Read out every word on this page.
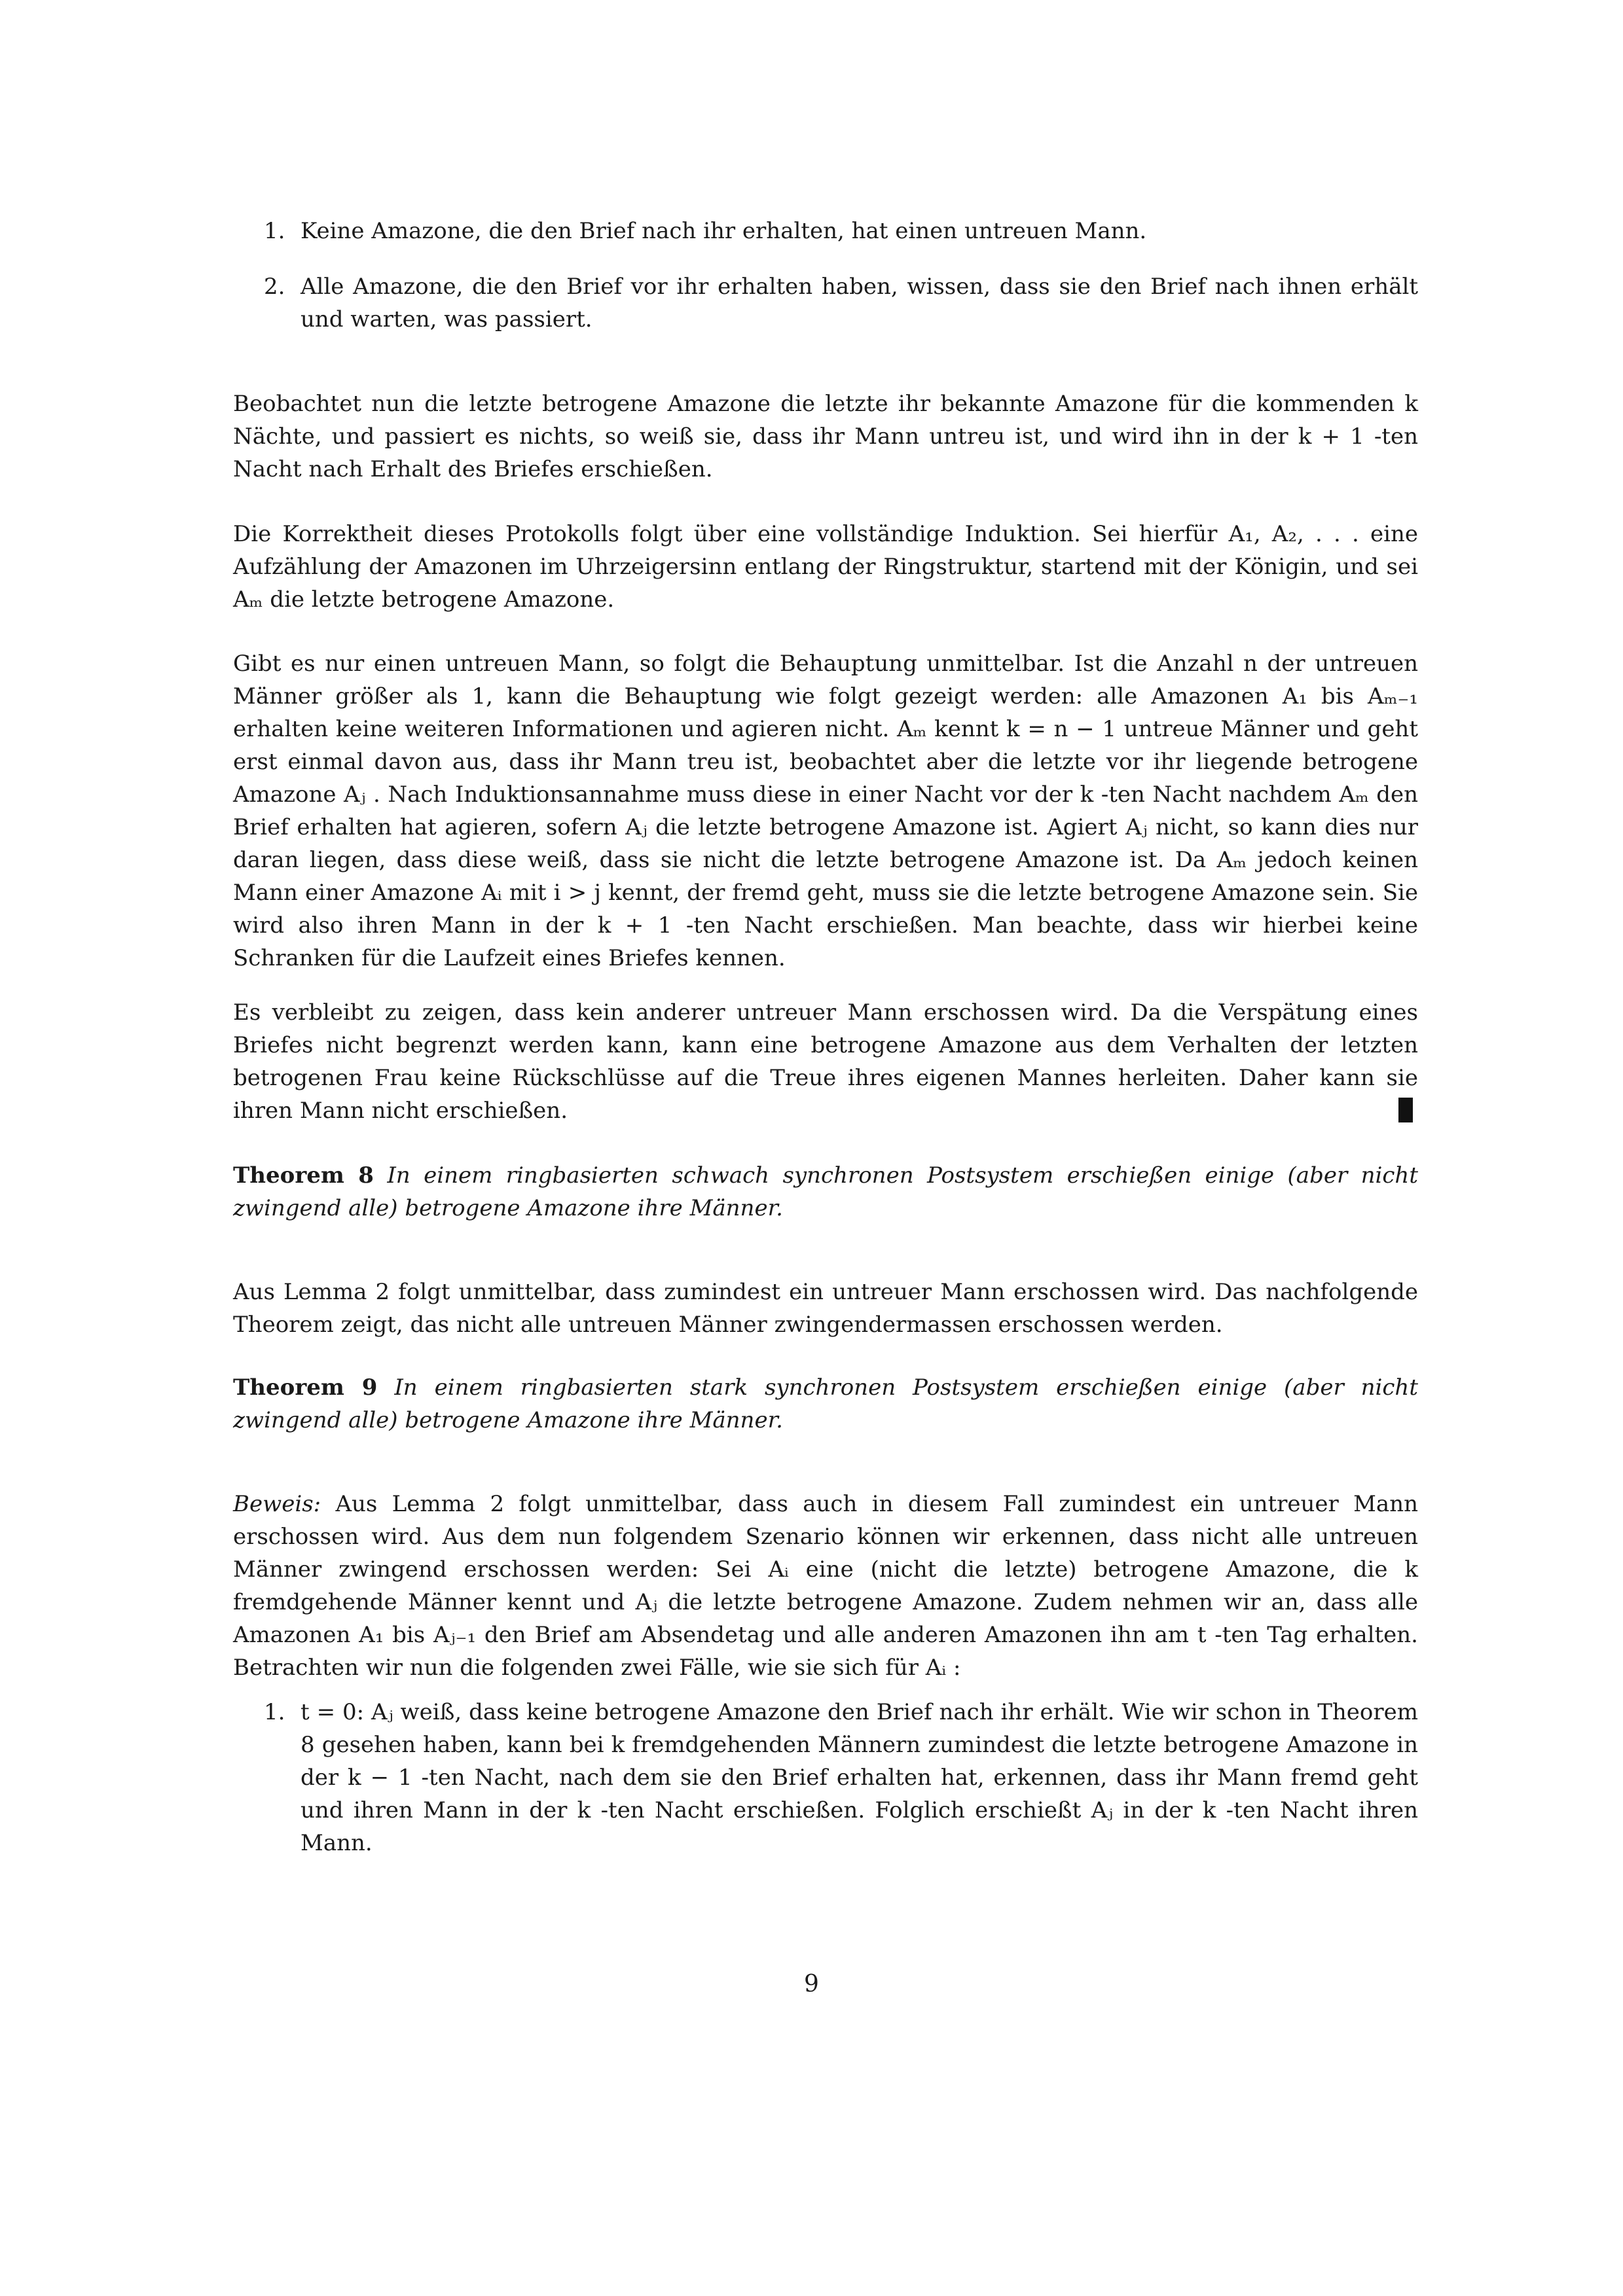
1. Keine Amazone, die den Brief nach ihr erhalten, hat einen untreuen Mann.
2. Alle Amazone, die den Brief vor ihr erhalten haben, wissen, dass sie den Brief nach ihnen erhält und warten, was passiert.
Beobachtet nun die letzte betrogene Amazone die letzte ihr bekannte Amazone für die kommenden k Nächte, und passiert es nichts, so weiß sie, dass ihr Mann untreu ist, und wird ihn in der k + 1 -ten Nacht nach Erhalt des Briefes erschießen.
Die Korrektheit dieses Protokolls folgt über eine vollständige Induktion. Sei hierfür A₁, A₂, . . . eine Aufzählung der Amazonen im Uhrzeigersinn entlang der Ringstruktur, startend mit der Königin, und sei Aₘ die letzte betrogene Amazone.
Gibt es nur einen untreuen Mann, so folgt die Behauptung unmittelbar. Ist die Anzahl n der untreuen Männer größer als 1, kann die Behauptung wie folgt gezeigt werden: alle Amazonen A₁ bis Aₘ₋₁ erhalten keine weiteren Informationen und agieren nicht. Aₘ kennt k = n − 1 untreue Männer und geht erst einmal davon aus, dass ihr Mann treu ist, beobachtet aber die letzte vor ihr liegende betrogene Amazone Aⱼ . Nach Induktionsannahme muss diese in einer Nacht vor der k -ten Nacht nachdem Aₘ den Brief erhalten hat agieren, sofern Aⱼ die letzte betrogene Amazone ist. Agiert Aⱼ nicht, so kann dies nur daran liegen, dass diese weiß, dass sie nicht die letzte betrogene Amazone ist. Da Aₘ jedoch keinen Mann einer Amazone Aᵢ mit i > j kennt, der fremd geht, muss sie die letzte betrogene Amazone sein. Sie wird also ihren Mann in der k + 1 -ten Nacht erschießen. Man beachte, dass wir hierbei keine Schranken für die Laufzeit eines Briefes kennen.
Es verbleibt zu zeigen, dass kein anderer untreuer Mann erschossen wird. Da die Verspätung eines Briefes nicht begrenzt werden kann, kann eine betrogene Amazone aus dem Verhalten der letzten betrogenen Frau keine Rückschlüsse auf die Treue ihres eigenen Mannes herleiten. Daher kann sie ihren Mann nicht erschießen.
Theorem 8 In einem ringbasierten schwach synchronen Postsystem erschießen einige (aber nicht zwingend alle) betrogene Amazone ihre Männer.
Aus Lemma 2 folgt unmittelbar, dass zumindest ein untreuer Mann erschossen wird. Das nachfolgende Theorem zeigt, das nicht alle untreuen Männer zwingendermassen erschossen werden.
Theorem 9 In einem ringbasierten stark synchronen Postsystem erschießen einige (aber nicht zwingend alle) betrogene Amazone ihre Männer.
Beweis: Aus Lemma 2 folgt unmittelbar, dass auch in diesem Fall zumindest ein untreuer Mann erschossen wird. Aus dem nun folgendem Szenario können wir erkennen, dass nicht alle untreuen Männer zwingend erschossen werden: Sei Aᵢ eine (nicht die letzte) betrogene Amazone, die k fremdgehende Männer kennt und Aⱼ die letzte betrogene Amazone. Zudem nehmen wir an, dass alle Amazonen A₁ bis Aⱼ₋₁ den Brief am Absendetag und alle anderen Amazonen ihn am t -ten Tag erhalten. Betrachten wir nun die folgenden zwei Fälle, wie sie sich für Aᵢ :
1. t = 0: Aⱼ weiß, dass keine betrogene Amazone den Brief nach ihr erhält. Wie wir schon in Theorem 8 gesehen haben, kann bei k fremdgehenden Männern zumindest die letzte betrogene Amazone in der k − 1 -ten Nacht, nach dem sie den Brief erhalten hat, erkennen, dass ihr Mann fremd geht und ihren Mann in der k -ten Nacht erschießen. Folglich erschießt Aⱼ in der k -ten Nacht ihren Mann.
9
